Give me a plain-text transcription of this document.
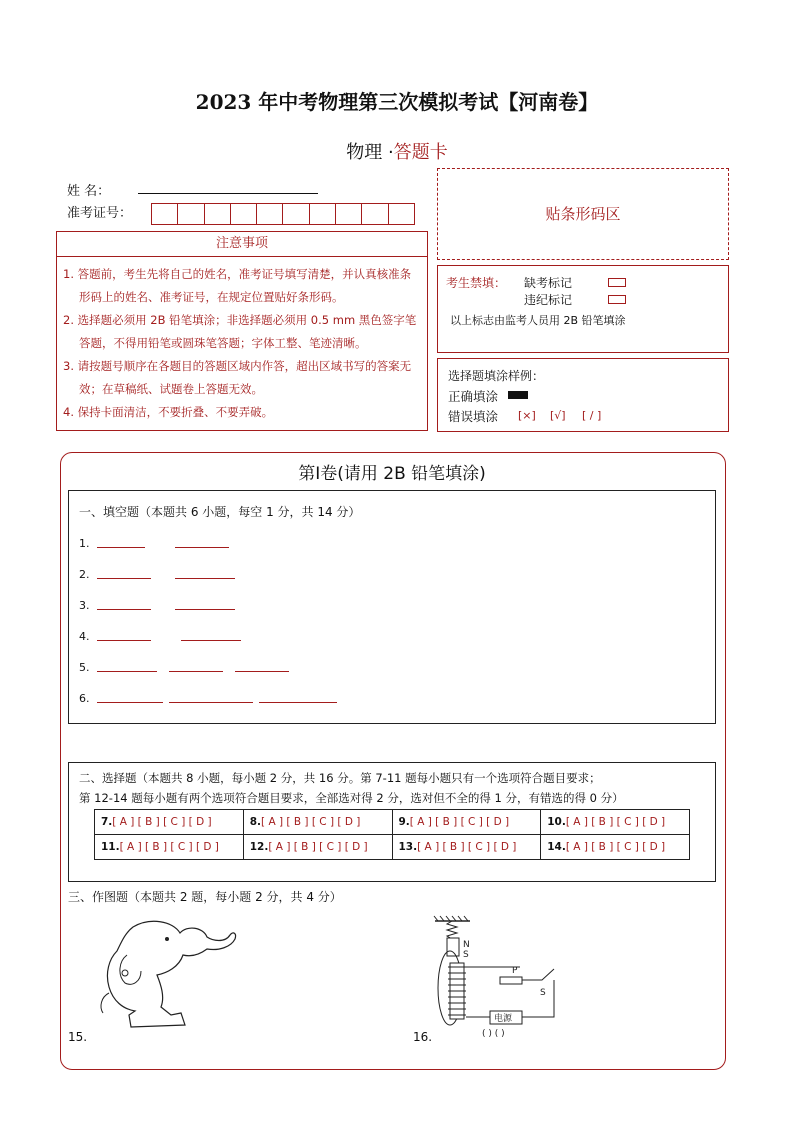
2023 年中考物理第三次模拟考试【河南卷】
物理 ·答题卡
姓 名：
准考证号：
注意事项
1. 答题前，考生先将自己的姓名，准考证号填写清楚，并认真核准条形码上的姓名、准考证号，在规定位置贴好条形码。
2. 选择题必须用 2B 铅笔填涂；非选择题必须用 0.5 mm 黑色签字笔答题，不得用铅笔或圆珠笔答题；字体工整、笔迹清晰。
3. 请按题号顺序在各题目的答题区域内作答，超出区域书写的答案无效；在草稿纸、试题卷上答题无效。
4. 保持卡面清洁，不要折叠、不要弄破。
贴条形码区
考生禁填： 缺考标记
违纪标记
以上标志由监考人员用 2B 铅笔填涂
选择题填涂样例：
正确填涂
错误填涂 [×] [√] [ / ]
第Ⅰ卷(请用 2B 铅笔填涂)
一、填空题（本题共 6 小题，每空 1 分，共 14 分）
1.
2.
3.
4.
5.
6.
二、选择题（本题共 8 小题，每小题 2 分，共 16 分。第 7-11 题每小题只有一个选项符合题目要求；
第 12-14 题每小题有两个选项符合题目要求，全部选对得 2 分，选对但不全的得 1 分，有错选的得 0 分）
7.[ A ] [ B ] [ C ] [ D ]	8.[ A ] [ B ] [ C ] [ D ]	9.[ A ] [ B ] [ C ] [ D ]	10.[ A ] [ B ] [ C ] [ D ]
11.[ A ] [ B ] [ C ] [ D ]	12.[ A ] [ B ] [ C ] [ D ]	13.[ A ] [ B ] [ C ] [ D ]	14.[ A ] [ B ] [ C ] [ D ]
三、作图题（本题共 2 题，每小题 2 分，共 4 分）
15.
N
S
P
S
电源
( ) ( )
16.
